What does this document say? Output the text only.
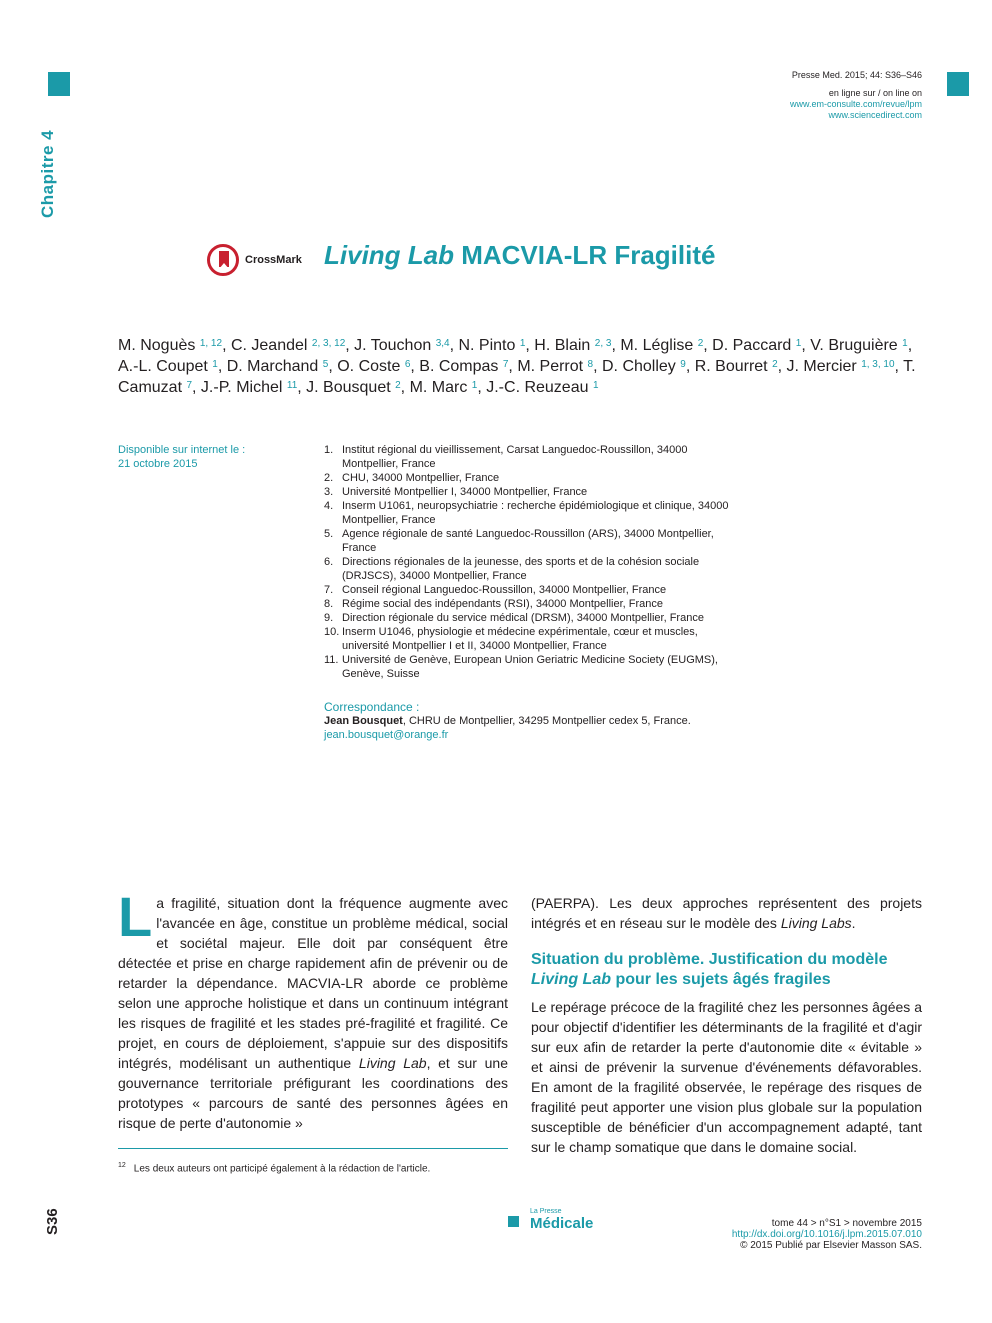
Chapitre 4
Presse Med. 2015; 44: S36–S46
en ligne sur / on line on
www.em-consulte.com/revue/lpm
www.sciencedirect.com
CrossMark Living Lab MACVIA-LR Fragilité
M. Noguès $^{1, 12}$, C. Jeandel $^{2, 3, 12}$, J. Touchon $^{3,4}$, N. Pinto $^1$, H. Blain $^{2, 3}$, M. Léglise $^2$, D. Paccard $^1$, V. Bruguière $^1$, A.-L. Coupet $^1$, D. Marchand $^5$, O. Coste $^6$, B. Compas $^7$, M. Perrot $^8$, D. Cholley $^9$, R. Bourret $^2$, J. Mercier $^{1, 3, 10}$, T. Camuzat $^7$, J.-P. Michel $^{11}$, J. Bousquet $^2$, M. Marc $^1$, J.-C. Reuzeau $^1$
Disponible sur internet le :
21 octobre 2015
1. Institut régional du vieillissement, Carsat Languedoc-Roussillon, 34000 Montpellier, France
2. CHU, 34000 Montpellier, France
3. Université Montpellier I, 34000 Montpellier, France
4. Inserm U1061, neuropsychiatrie : recherche épidémiologique et clinique, 34000 Montpellier, France
5. Agence régionale de santé Languedoc-Roussillon (ARS), 34000 Montpellier, France
6. Directions régionales de la jeunesse, des sports et de la cohésion sociale (DRJSCS), 34000 Montpellier, France
7. Conseil régional Languedoc-Roussillon, 34000 Montpellier, France
8. Régime social des indépendants (RSI), 34000 Montpellier, France
9. Direction régionale du service médical (DRSM), 34000 Montpellier, France
10. Inserm U1046, physiologie et médecine expérimentale, cœur et muscles, université Montpellier I et II, 34000 Montpellier, France
11. Université de Genève, European Union Geriatric Medicine Society (EUGMS), Genève, Suisse
Correspondance :
Jean Bousquet, CHRU de Montpellier, 34295 Montpellier cedex 5, France.
jean.bousquet@orange.fr

La fragilité, situation dont la fréquence augmente avec l'avancée en âge, constitue un problème médical, social et sociétal majeur. Elle doit par conséquent être détectée et prise en charge rapidement afin de prévenir ou de retarder la dépendance. MACVIA-LR aborde ce problème selon une approche holistique et dans un continuum intégrant les risques de fragilité et les stades pré-fragilité et fragilité. Ce projet, en cours de déploiement, s'appuie sur des dispositifs intégrés, modélisant un authentique Living Lab, et sur une gouvernance territoriale préfigurant les coordinations des prototypes « parcours de santé des personnes âgées en risque de perte d'autonomie »

(PAERPA). Les deux approches représentent des projets intégrés et en réseau sur le modèle des Living Labs.

Situation du problème. Justification du modèle Living Lab pour les sujets âgés fragiles

Le repérage précoce de la fragilité chez les personnes âgées a pour objectif d'identifier les déterminants de la fragilité et d'agir sur eux afin de retarder la perte d'autonomie dite « évitable » et ainsi de prévenir la survenue d'événements défavorables. En amont de la fragilité observée, le repérage des risques de fragilité peut apporter une vision plus globale sur la population susceptible de bénéficier d'un accompagnement adapté, tant sur le champ somatique que dans le domaine social.

$^{12}$ Les deux auteurs ont participé également à la rédaction de l'article.
S36	La Presse
Médicale	tome 44 > n°S1 > novembre 2015
http://dx.doi.org/10.1016/j.lpm.2015.07.010
© 2015 Publié par Elsevier Masson SAS.
